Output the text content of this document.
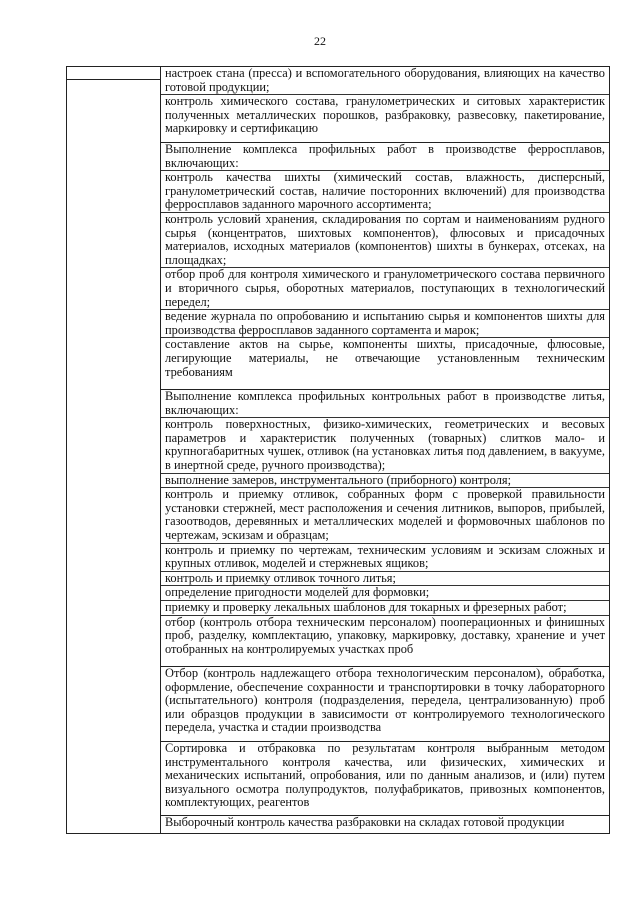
22
настроек стана (пресса) и вспомогательного оборудования, влияющих на качество готовой продукции;
контроль химического состава, гранулометрических и ситовых характеристик полученных металлических порошков, разбраковку, развесовку, пакетирование, маркировку и сертификацию
Выполнение комплекса профильных работ в производстве ферросплавов, включающих:
контроль качества шихты (химический состав, влажность, дисперсный, гранулометрический состав, наличие посторонних включений) для производства ферросплавов заданного марочного ассортимента;
контроль условий хранения, складирования по сортам и наименованиям рудного сырья (концентратов, шихтовых компонентов), флюсовых и присадочных материалов, исходных материалов (компонентов) шихты в бункерах, отсеках, на площадках;
отбор проб для контроля химического и гранулометрического состава первичного и вторичного сырья, оборотных материалов, поступающих в технологический передел;
ведение журнала по опробованию и испытанию сырья и компонентов шихты для производства ферросплавов заданного сортамента и марок;
составление актов на сырье, компоненты шихты, присадочные, флюсовые, легирующие материалы, не отвечающие установленным техническим требованиям
Выполнение комплекса профильных контрольных работ в производстве литья, включающих:
контроль поверхностных, физико-химических, геометрических и весовых параметров и характеристик полученных (товарных) слитков мало- и крупногабаритных чушек, отливок (на установках литья под давлением, в вакууме, в инертной среде, ручного производства);
выполнение замеров, инструментального (приборного) контроля;
контроль и приемку отливок, собранных форм с проверкой правильности установки стержней, мест расположения и сечения литников, выпоров, прибылей, газоотводов, деревянных и металлических моделей и формовочных шаблонов по чертежам, эскизам и образцам;
контроль и приемку по чертежам, техническим условиям и эскизам сложных и крупных отливок, моделей и стержневых ящиков;
контроль и приемку отливок точного литья;
определение пригодности моделей для формовки;
приемку и проверку лекальных шаблонов для токарных и фрезерных работ;
отбор (контроль отбора техническим персоналом) пооперационных и финишных проб, разделку, комплектацию, упаковку, маркировку, доставку, хранение и учет отобранных на контролируемых участках проб
Отбор (контроль надлежащего отбора технологическим персоналом), обработка, оформление, обеспечение сохранности и транспортировки в точку лабораторного (испытательного) контроля (подразделения, передела, централизованную) проб или образцов продукции в зависимости от контролируемого технологического передела, участка и стадии производства
Сортировка и отбраковка по результатам контроля выбранным методом инструментального контроля качества, или физических, химических и механических испытаний, опробования, или по данным анализов, и (или) путем визуального осмотра полупродуктов, полуфабрикатов, привозных компонентов, комплектующих, реагентов
Выборочный контроль качества разбраковки на складах готовой продукции
